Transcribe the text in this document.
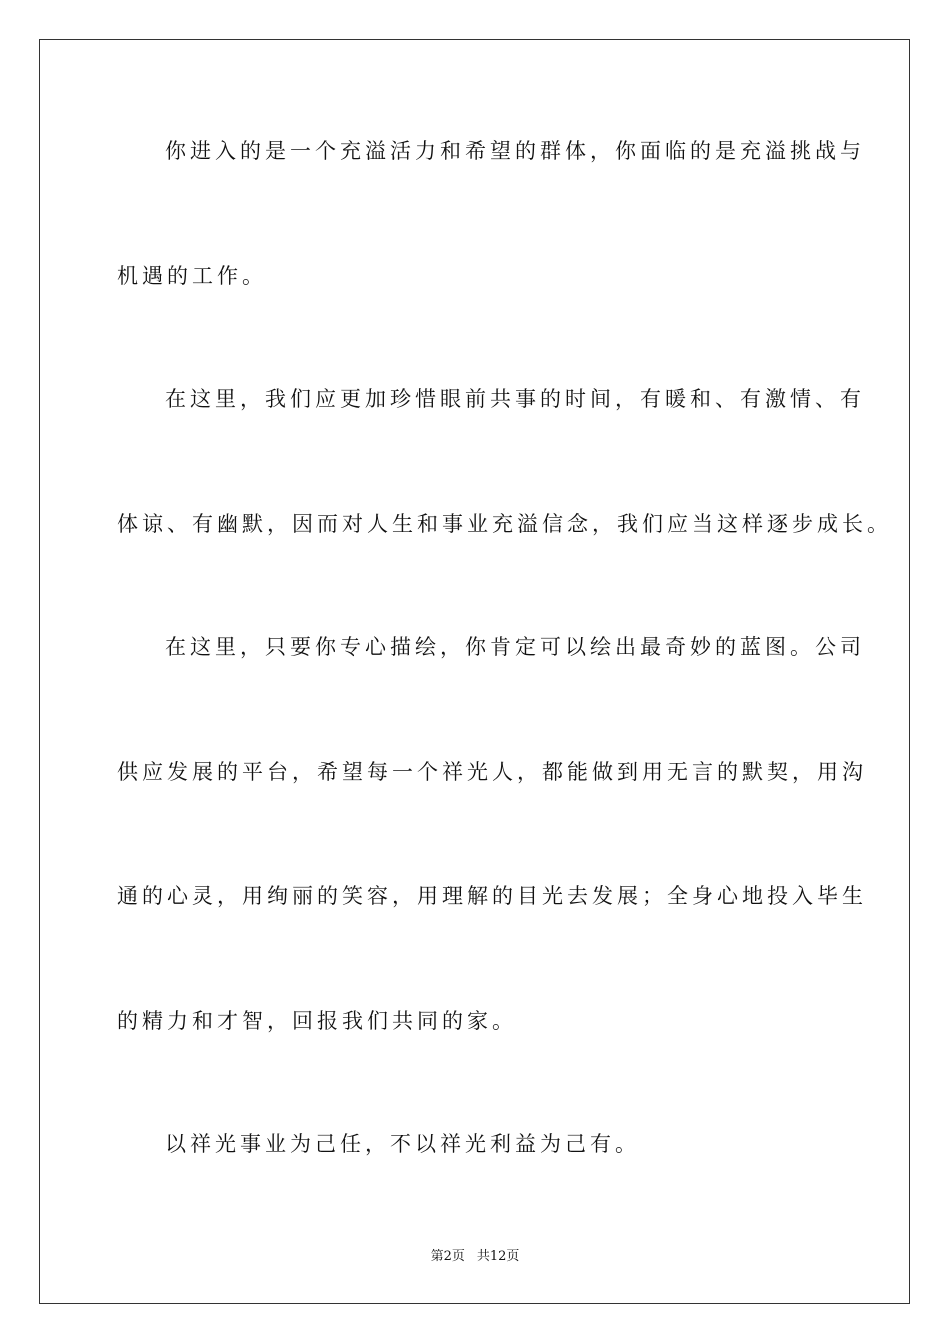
你进入的是一个充溢活力和希望的群体，你面临的是充溢挑战与
机遇的工作。
在这里，我们应更加珍惜眼前共事的时间，有暖和、有激情、有
体谅、有幽默，因而对人生和事业充溢信念，我们应当这样逐步成长。
在这里，只要你专心描绘，你肯定可以绘出最奇妙的蓝图。公司
供应发展的平台，希望每一个祥光人，都能做到用无言的默契，用沟
通的心灵，用绚丽的笑容，用理解的目光去发展；全身心地投入毕生
的精力和才智，回报我们共同的家。
以祥光事业为己任，不以祥光利益为己有。
第2页 共12页
